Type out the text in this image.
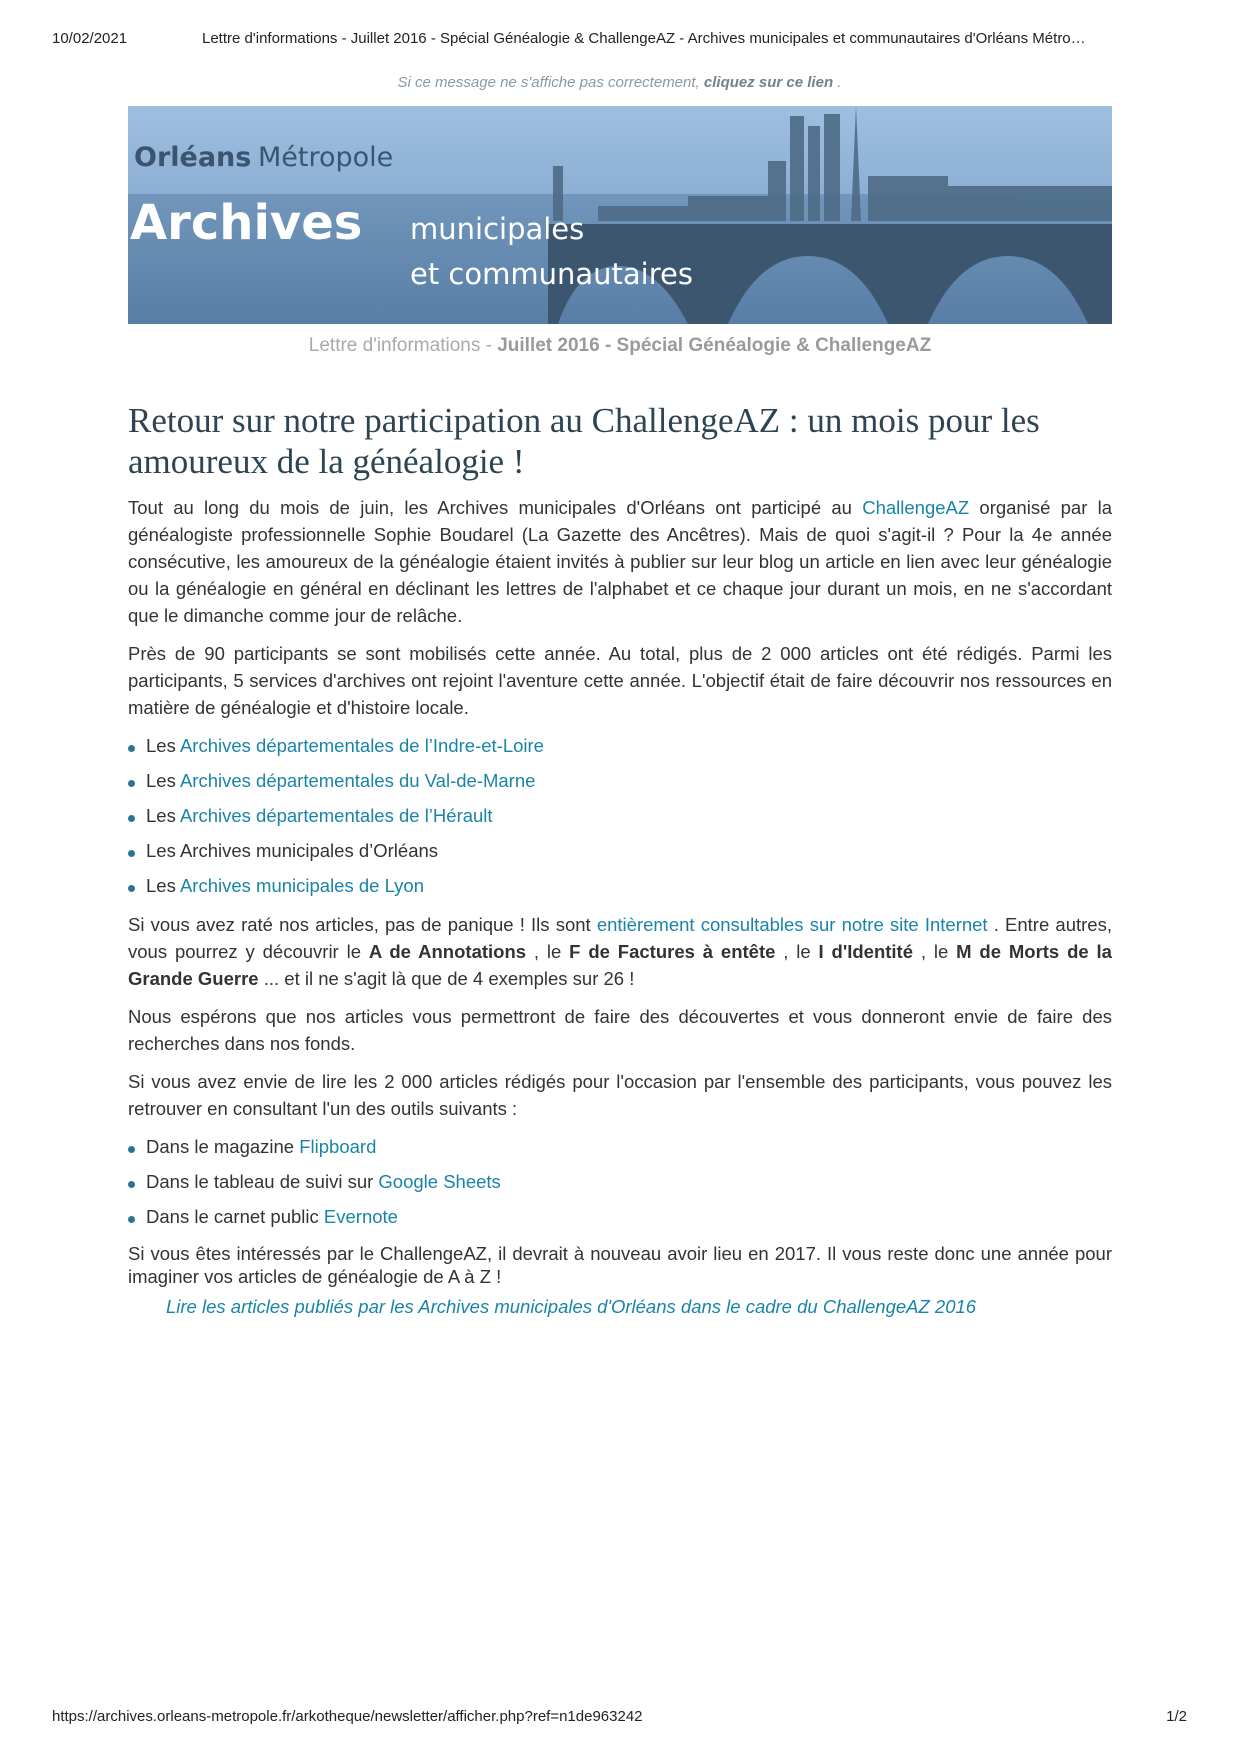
10/02/2021	Lettre d'informations - Juillet 2016 - Spécial Généalogie & ChallengeAZ - Archives municipales et communautaires d'Orléans Métro…
Si ce message ne s'affiche pas correctement, cliquez sur ce lien .
Orléans Métropole
Archives municipales
et communautaires
Lettre d'informations - Juillet 2016 - Spécial Généalogie & ChallengeAZ
Retour sur notre participation au ChallengeAZ : un mois pour les amoureux de la généalogie !

Tout au long du mois de juin, les Archives municipales d'Orléans ont participé au ChallengeAZ organisé par la généalogiste professionnelle Sophie Boudarel (La Gazette des Ancêtres). Mais de quoi s'agit-il ? Pour la 4e année consécutive, les amoureux de la généalogie étaient invités à publier sur leur blog un article en lien avec leur généalogie ou la généalogie en général en déclinant les lettres de l'alphabet et ce chaque jour durant un mois, en ne s'accordant que le dimanche comme jour de relâche.

Près de 90 participants se sont mobilisés cette année. Au total, plus de 2 000 articles ont été rédigés. Parmi les participants, 5 services d'archives ont rejoint l'aventure cette année. L'objectif était de faire découvrir nos ressources en matière de généalogie et d'histoire locale.

Les Archives départementales de l’Indre-et-Loire
Les Archives départementales du Val-de-Marne
Les Archives départementales de l’Hérault
Les Archives municipales d’Orléans
Les Archives municipales de Lyon

Si vous avez raté nos articles, pas de panique ! Ils sont entièrement consultables sur notre site Internet . Entre autres, vous pourrez y découvrir le A de Annotations , le F de Factures à entête , le I d'Identité , le M de Morts de la Grande Guerre ... et il ne s'agit là que de 4 exemples sur 26 !

Nous espérons que nos articles vous permettront de faire des découvertes et vous donneront envie de faire des recherches dans nos fonds.

Si vous avez envie de lire les 2 000 articles rédigés pour l'occasion par l'ensemble des participants, vous pouvez les retrouver en consultant l'un des outils suivants :

Dans le magazine Flipboard
Dans le tableau de suivi sur Google Sheets
Dans le carnet public Evernote

Si vous êtes intéressés par le ChallengeAZ, il devrait à nouveau avoir lieu en 2017. Il vous reste donc une année pour imaginer vos articles de généalogie de A à Z !

Lire les articles publiés par les Archives municipales d'Orléans dans le cadre du ChallengeAZ 2016
https://archives.orleans-metropole.fr/arkotheque/newsletter/afficher.php?ref=n1de963242	1/2
